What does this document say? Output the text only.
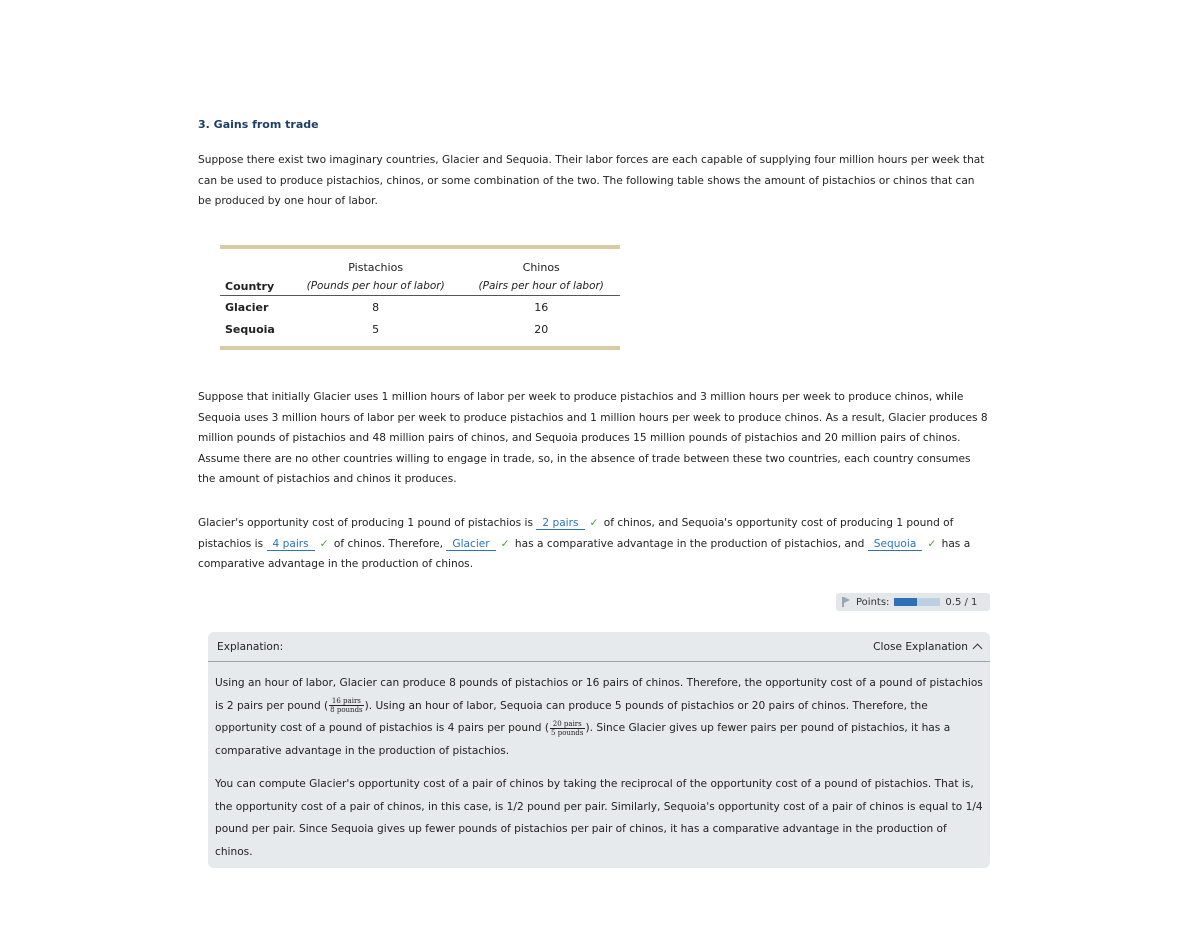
3. Gains from trade
Suppose there exist two imaginary countries, Glacier and Sequoia. Their labor forces are each capable of supplying four million hours per week that can be used to produce pistachios, chinos, or some combination of the two. The following table shows the amount of pistachios or chinos that can be produced by one hour of labor.
	Pistachios	Chinos
Country	(Pounds per hour of labor)	(Pairs per hour of labor)
Glacier	8	16
Sequoia	5	20
Suppose that initially Glacier uses 1 million hours of labor per week to produce pistachios and 3 million hours per week to produce chinos, while Sequoia uses 3 million hours of labor per week to produce pistachios and 1 million hours per week to produce chinos. As a result, Glacier produces 8 million pounds of pistachios and 48 million pairs of chinos, and Sequoia produces 15 million pounds of pistachios and 20 million pairs of chinos. Assume there are no other countries willing to engage in trade, so, in the absence of trade between these two countries, each country consumes the amount of pistachios and chinos it produces.
Glacier's opportunity cost of producing 1 pound of pistachios is 2 pairs ✓ of chinos, and Sequoia's opportunity cost of producing 1 pound of pistachios is 4 pairs ✓ of chinos. Therefore, Glacier ✓ has a comparative advantage in the production of pistachios, and Sequoia ✓ has a comparative advantage in the production of chinos.
Points:	0.5 / 1
Explanation:	Close Explanation
Using an hour of labor, Glacier can produce 8 pounds of pistachios or 16 pairs of chinos. Therefore, the opportunity cost of a pound of pistachios is 2 pairs per pound ( $\frac{\text{16 pairs}}{\text{8 pounds}}$ ). Using an hour of labor, Sequoia can produce 5 pounds of pistachios or 20 pairs of chinos. Therefore, the opportunity cost of a pound of pistachios is 4 pairs per pound ( $\frac{\text{20 pairs}}{\text{5 pounds}}$ ). Since Glacier gives up fewer pairs per pound of pistachios, it has a comparative advantage in the production of pistachios.
You can compute Glacier's opportunity cost of a pair of chinos by taking the reciprocal of the opportunity cost of a pound of pistachios. That is, the opportunity cost of a pair of chinos, in this case, is 1/2 pound per pair. Similarly, Sequoia's opportunity cost of a pair of chinos is equal to 1/4 pound per pair. Since Sequoia gives up fewer pounds of pistachios per pair of chinos, it has a comparative advantage in the production of chinos.
